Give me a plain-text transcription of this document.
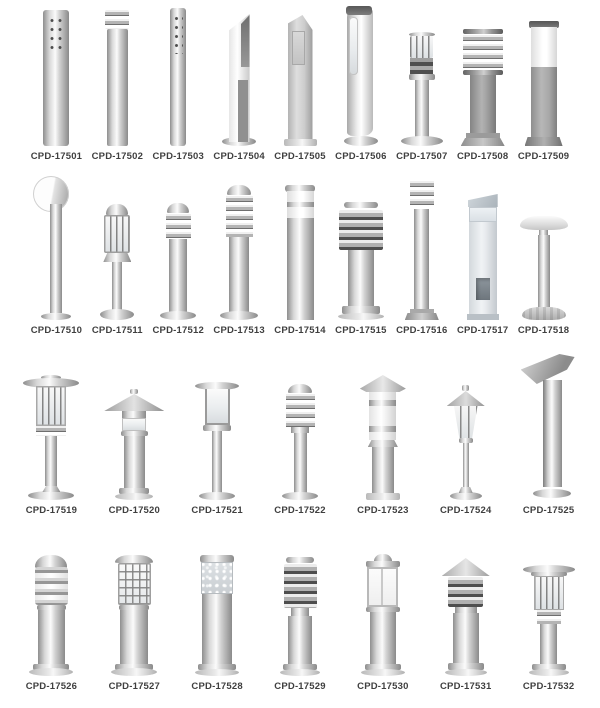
CPD-17501 CPD-17502 CPD-17503 CPD-17504 CPD-17505 CPD-17506 CPD-17507 CPD-17508 CPD-17509
CPD-17510 CPD-17511 CPD-17512 CPD-17513 CPD-17514 CPD-17515 CPD-17516 CPD-17517 CPD-17518
CPD-17519	CPD-17520	CPD-17521	CPD-17522	CPD-17523	CPD-17524	CPD-17525
CPD-17526	CPD-17527	CPD-17528	CPD-17529	CPD-17530	CPD-17531	CPD-17532
